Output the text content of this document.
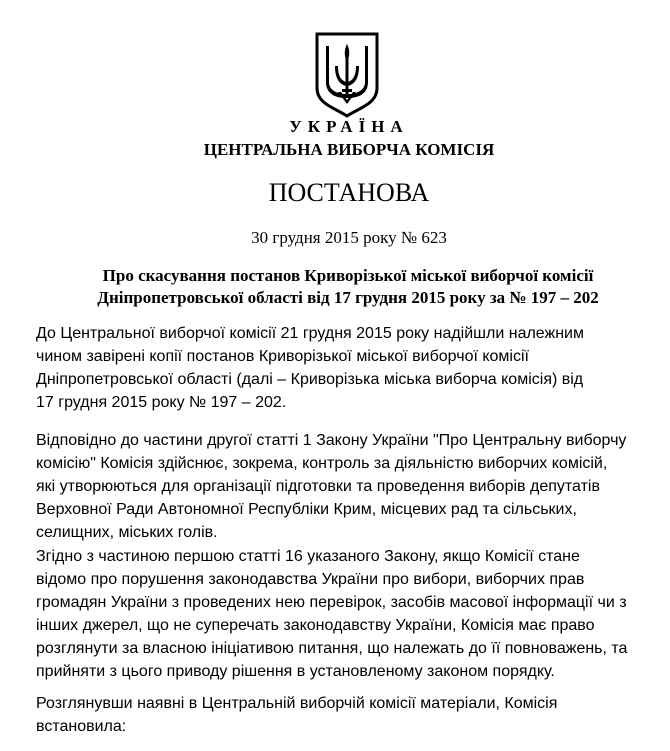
УКРАЇНА
ЦЕНТРАЛЬНА ВИБОРЧА КОМІСІЯ
ПОСТАНОВА
30 грудня 2015 року № 623
Про скасування постанов Криворізької міської виборчої комісії
Дніпропетровської області від 17 грудня 2015 року за № 197 – 202
До Центральної виборчої комісії 21 грудня 2015 року надійшли належним
чином завірені копії постанов Криворізької міської виборчої комісії
Дніпропетровської області (далі – Криворізька міська виборча комісія) від
17 грудня 2015 року № 197 – 202.
Відповідно до частини другої статті 1 Закону України "Про Центральну виборчу
комісію" Комісія здійснює, зокрема, контроль за діяльністю виборчих комісій,
які утворюються для організації підготовки та проведення виборів депутатів
Верховної Ради Автономної Республіки Крим, місцевих рад та сільських,
селищних, міських голів.
Згідно з частиною першою статті 16 указаного Закону, якщо Комісії стане
відомо про порушення законодавства України про вибори, виборчих прав
громадян України з проведених нею перевірок, засобів масової інформації чи з
інших джерел, що не суперечать законодавству України, Комісія має право
розглянути за власною ініціативою питання, що належать до її повноважень, та
прийняти з цього приводу рішення в установленому законом порядку.
Розглянувши наявні в Центральній виборчій комісії матеріали, Комісія
встановила:
